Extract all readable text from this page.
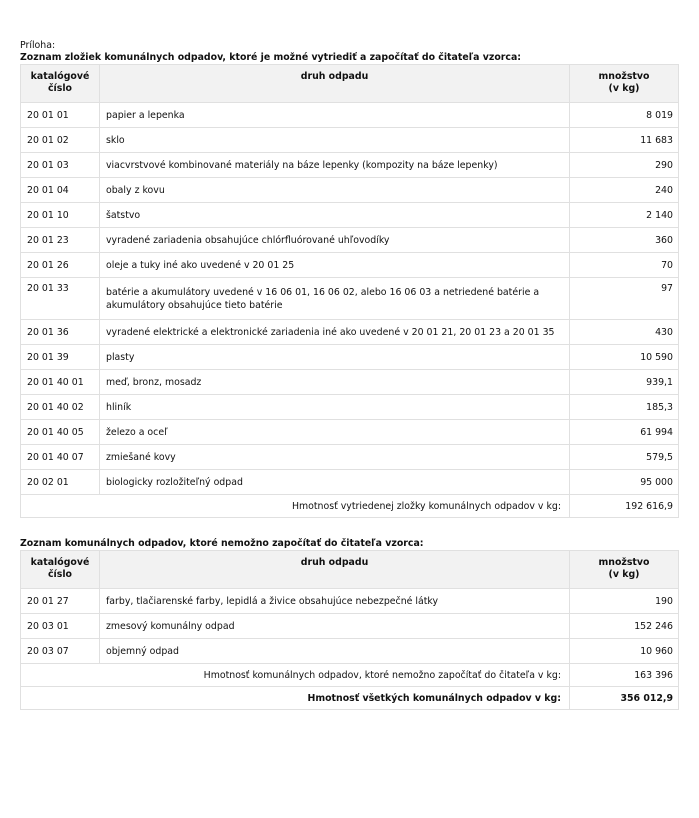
Príloha:
Zoznam zložiek komunálnych odpadov, ktoré je možné vytriediť a započítať do čitateľa vzorca:
katalógové číslo	druh odpadu	množstvo (v kg)
20 01 01	papier a lepenka	8 019
20 01 02	sklo	11 683
20 01 03	viacvrstvové kombinované materiály na báze lepenky (kompozity na báze lepenky)	290
20 01 04	obaly z kovu	240
20 01 10	šatstvo	2 140
20 01 23	vyradené zariadenia obsahujúce chlórfluórované uhľovodíky	360
20 01 26	oleje a tuky iné ako uvedené v 20 01 25	70
20 01 33	batérie a akumulátory uvedené v 16 06 01, 16 06 02, alebo 16 06 03 a netriedené batérie a akumulátory obsahujúce tieto batérie	97
20 01 36	vyradené elektrické a elektronické zariadenia iné ako uvedené v 20 01 21, 20 01 23 a 20 01 35	430
20 01 39	plasty	10 590
20 01 40 01	meď, bronz, mosadz	939,1
20 01 40 02	hliník	185,3
20 01 40 05	železo a oceľ	61 994
20 01 40 07	zmiešané kovy	579,5
20 02 01	biologicky rozložiteľný odpad	95 000
Hmotnosť vytriedenej zložky komunálnych odpadov v kg:		192 616,9
Zoznam komunálnych odpadov, ktoré nemožno započítať do čitateľa vzorca:
katalógové číslo	druh odpadu	množstvo (v kg)
20 01 27	farby, tlačiarenské farby, lepidlá a živice obsahujúce nebezpečné látky	190
20 03 01	zmesový komunálny odpad	152 246
20 03 07	objemný odpad	10 960
Hmotnosť komunálnych odpadov, ktoré nemožno započítať do čitateľa v kg:		163 396
Hmotnosť všetkých komunálnych odpadov v kg:		356 012,9
